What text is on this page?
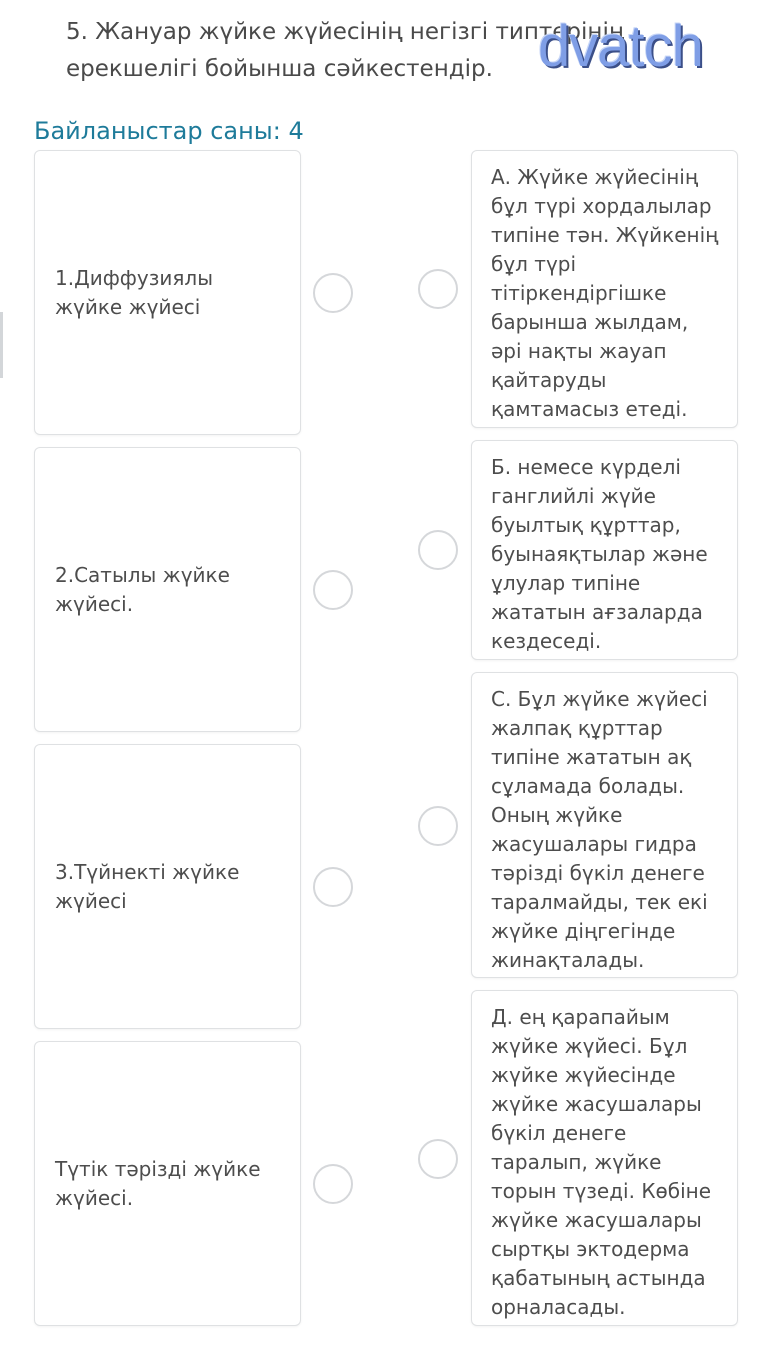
5. Жануар жүйке жүйесінің негізгі типтерінің
ерекшелігі бойынша сәйкестендір. dvatch
Байланыстар саны: 4
1.Диффузиялы жүйке жүйесі
2.Сатылы жүйке жүйесі.
3.Түйнекті жүйке жүйесі
Түтік тәрізді жүйке жүйесі.
А. Жүйке жүйесінің бұл түрі хордалылар типіне тән. Жүйкенің бұл түрі тітіркендіргішке барынша жылдам, әрі нақты жауап қайтаруды қамтамасыз етеді.
Б. немесе күрделі ганглийлі жүйе буылтық құрттар, буынаяқтылар және ұлулар типіне жататын ағзаларда кездеседі.
С. Бұл жүйке жүйесі жалпақ құрттар типіне жататын ақ сұламада болады. Оның жүйке жасушалары гидра тәрізді бүкіл денеге таралмайды, тек екі жүйке діңгегінде жинақталады.
Д. ең қарапайым жүйке жүйесі. Бұл жүйке жүйесінде жүйке жасушалары бүкіл денеге таралып, жүйке торын түзеді. Көбіне жүйке жасушалары сыртқы эктодерма қабатының астында орналасады.
